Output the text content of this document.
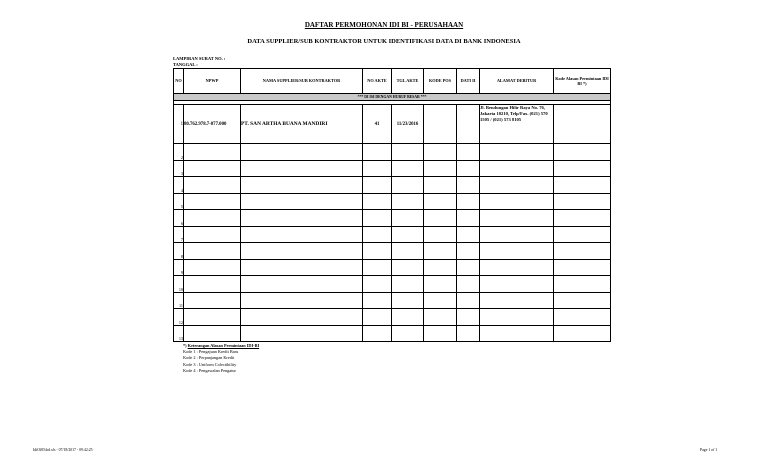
DAFTAR PERMOHONAN IDI BI - PERUSAHAAN
DATA SUPPLIER/SUB KONTRAKTOR UNTUK IDENTIFIKASI DATA DI BANK INDONESIA
LAMPIRAN SURAT NO. :
TANGGAL :
NO	NPWP	NAMA SUPPLIER/SUB KONTRAKTOR	NO AKTE	TGL AKTE	KODE POS	DATI II	ALAMAT DEBITUR	Kode Alasan Permintaan IDI BI *)
*** DI ISI DENGAN HURUF BESAR ***								

1	80.762.978.7-077.000	PT. SAN ARTHA BUANA MANDIRI	41	11/23/2016			Jl. Bendungan Hilir Raya No. 76, Jakarta 10210, Telp/Fax. (021) 570 1505 / (021) 573 8105	
2								
3								
4								
5								
6								
7								
8								
9								
10								
11								
12								
13								
*) Keterangan Alasan Permintaan IDI-BI
Kode 1 : Pengajuan Kredit Baru
Kode 2 : Perpanjangan Kredit
Kode 3 : Uniform Colectibility
Kode 4 : Pengawalan Pengatur
IdiOf054rd.xls - 07/18/2017 - 09:42:25	Page 1 of 1
